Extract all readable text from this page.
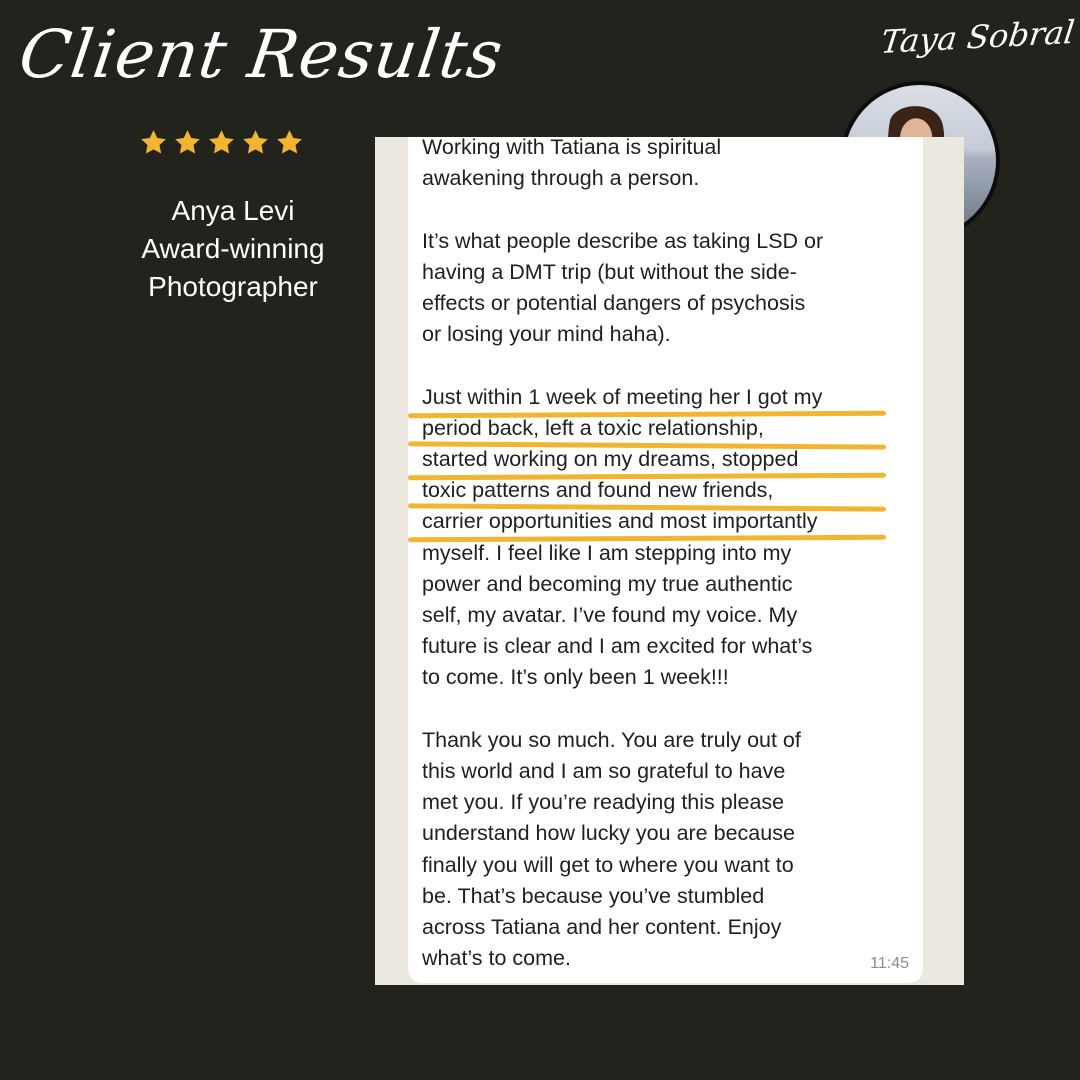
Client Results
Anya Levi
Award-winning
Photographer
Taya Sobral
11:45
Working with Tatiana is spiritual
awakening through a person.
It’s what people describe as taking LSD or
having a DMT trip (but without the side-
effects or potential dangers of psychosis
or losing your mind haha).
Just within 1 week of meeting her I got my
period back, left a toxic relationship,
started working on my dreams, stopped
toxic patterns and found new friends,
carrier opportunities and most importantly
myself. I feel like I am stepping into my
power and becoming my true authentic
self, my avatar. I’ve found my voice. My
future is clear and I am excited for what’s
to come. It’s only been 1 week!!!
Thank you so much. You are truly out of
this world and I am so grateful to have
met you. If you’re readying this please
understand how lucky you are because
finally you will get to where you want to
be. That’s because you’ve stumbled
across Tatiana and her content. Enjoy
what’s to come.
